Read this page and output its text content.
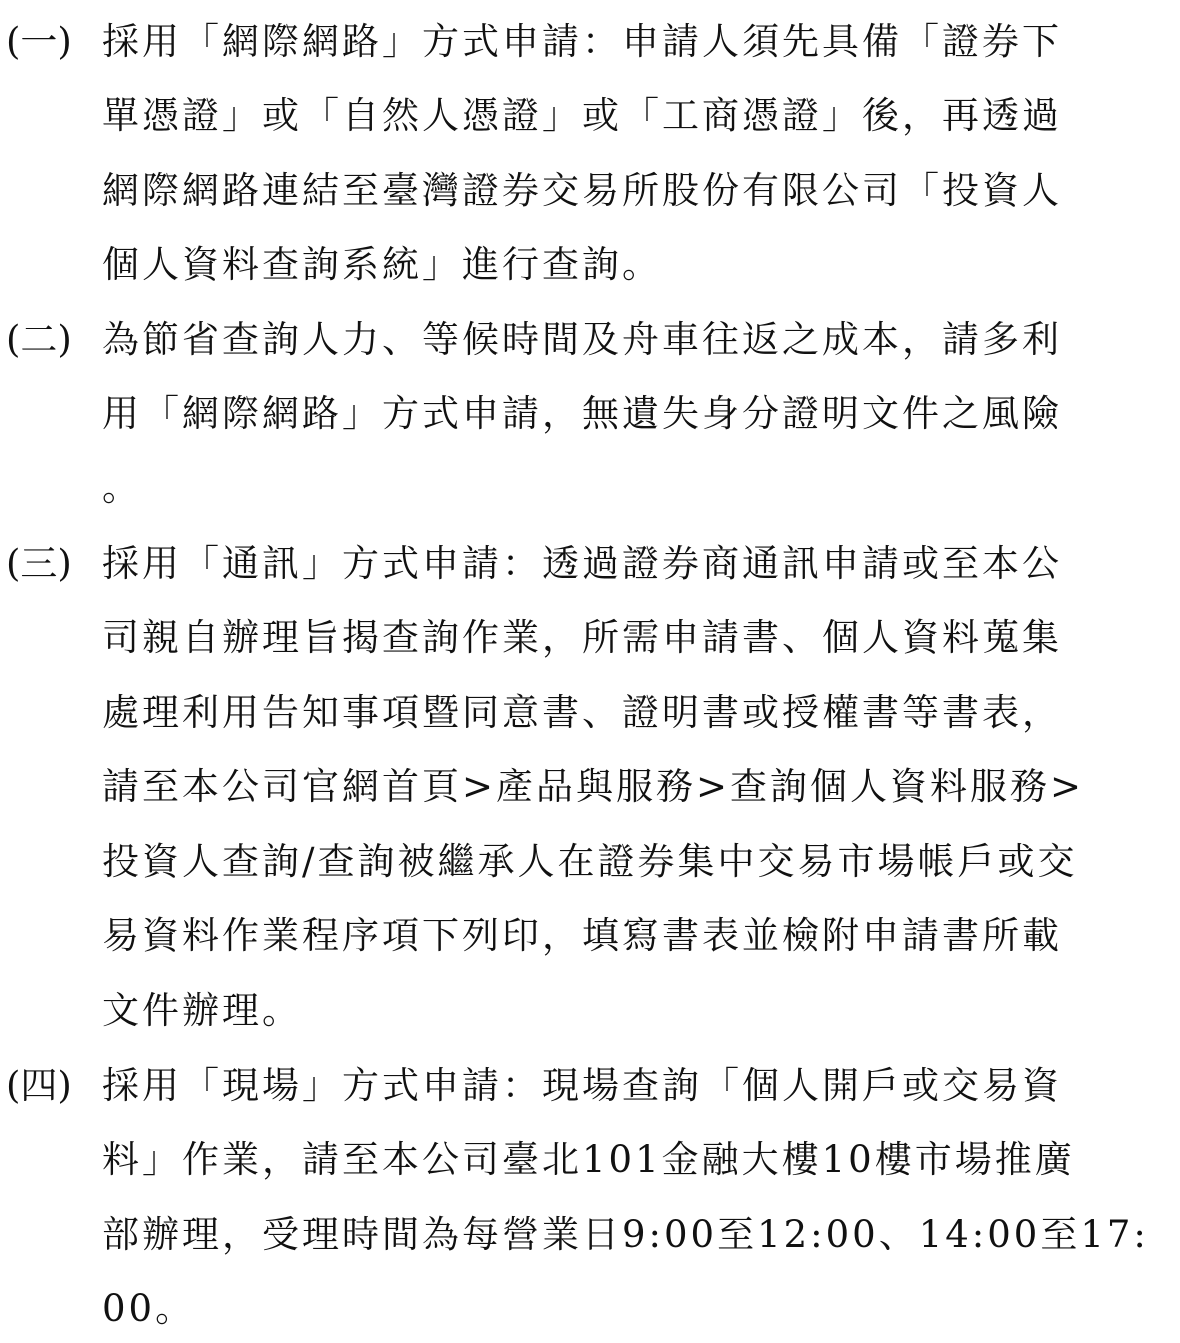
(一) 採用「網際網路」方式申請：申請人須先具備「證券下
單憑證」或「自然人憑證」或「工商憑證」後，再透過
網際網路連結至臺灣證券交易所股份有限公司「投資人
個人資料查詢系統」進行查詢。
(二) 為節省查詢人力、等候時間及舟車往返之成本，請多利
用「網際網路」方式申請，無遺失身分證明文件之風險
。
(三) 採用「通訊」方式申請：透過證券商通訊申請或至本公
司親自辦理旨揭查詢作業，所需申請書、個人資料蒐集
處理利用告知事項暨同意書、證明書或授權書等書表，
請至本公司官網首頁>產品與服務>查詢個人資料服務>
投資人查詢/查詢被繼承人在證券集中交易市場帳戶或交
易資料作業程序項下列印，填寫書表並檢附申請書所載
文件辦理。
(四) 採用「現場」方式申請：現場查詢「個人開戶或交易資
料」作業，請至本公司臺北101金融大樓10樓市場推廣
部辦理，受理時間為每營業日9:00至12:00、14:00至17:
00。
